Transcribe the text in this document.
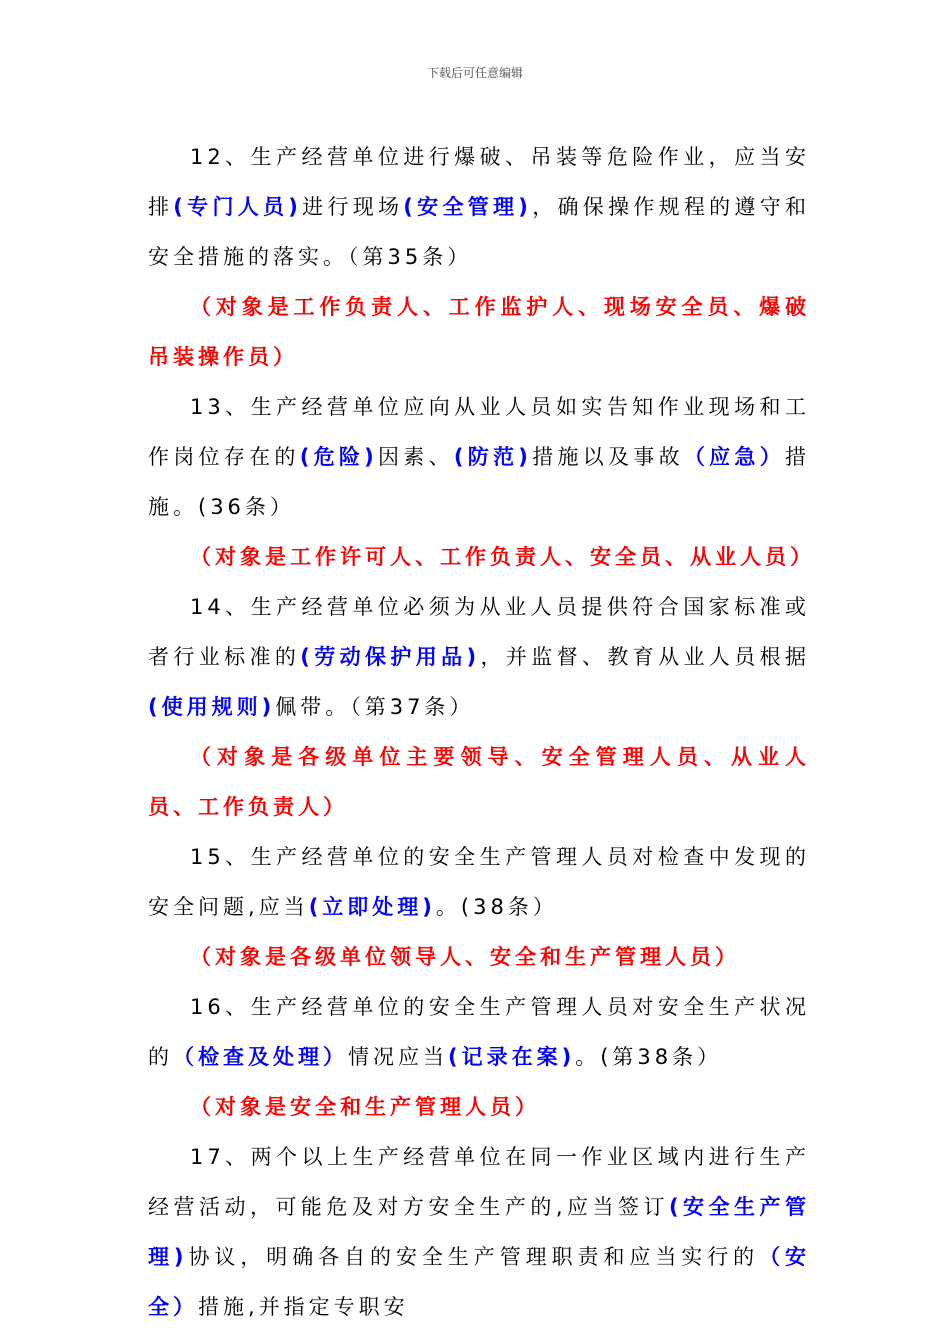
下载后可任意编辑

12、生产经营单位进行爆破、吊装等危险作业，应当安排(专门人员)进行现场(安全管理)，确保操作规程的遵守和安全措施的落实。（第35条）

（对象是工作负责人、工作监护人、现场安全员、爆破吊装操作员）

13、生产经营单位应向从业人员如实告知作业现场和工作岗位存在的(危险)因素、(防范)措施以及事故（应急）措施。(36条）

（对象是工作许可人、工作负责人、安全员、从业人员）

14、生产经营单位必须为从业人员提供符合国家标准或者行业标准的(劳动保护用品)，并监督、教育从业人员根据(使用规则)佩带。（第37条）

（对象是各级单位主要领导、安全管理人员、从业人员、工作负责人）

15、生产经营单位的安全生产管理人员对检查中发现的安全问题,应当(立即处理)。(38条）

（对象是各级单位领导人、安全和生产管理人员）

16、生产经营单位的安全生产管理人员对安全生产状况的（检查及处理）情况应当(记录在案)。(第38条）

（对象是安全和生产管理人员）

17、两个以上生产经营单位在同一作业区域内进行生产经营活动，可能危及对方安全生产的,应当签订(安全生产管理)协议，明确各自的安全生产管理职责和应当实行的（安全）措施,并指定专职安
